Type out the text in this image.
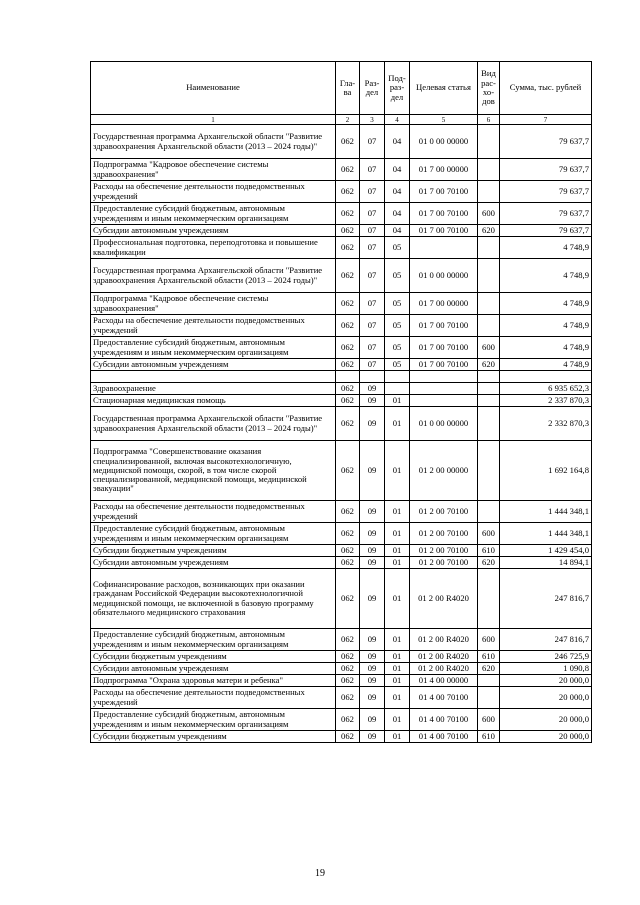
Наименование	Гла-ва	Раз-дел	Под-раз-дел	Целевая статья	Вид рас-хо-дов	Сумма, тыс. рублей
1	2	3	4	5	6	7
Государственная программа Архангельской области "Развитие здравоохранения Архангельской области (2013 – 2024 годы)"	062	07	04	01 0 00 00000		79 637,7
Подпрограмма "Кадровое обеспечение системы здравоохранения"	062	07	04	01 7 00 00000		79 637,7
Расходы на обеспечение деятельности подведомственных учреждений	062	07	04	01 7 00 70100		79 637,7
Предоставление субсидий бюджетным, автономным учреждениям и иным некоммерческим организациям	062	07	04	01 7 00 70100	600	79 637,7
Субсидии автономным учреждениям	062	07	04	01 7 00 70100	620	79 637,7
Профессиональная подготовка, переподготовка и повышение квалификации	062	07	05			4 748,9
Государственная программа Архангельской области "Развитие здравоохранения Архангельской области (2013 – 2024 годы)"	062	07	05	01 0 00 00000		4 748,9
Подпрограмма "Кадровое обеспечение системы здравоохранения"	062	07	05	01 7 00 00000		4 748,9
Расходы на обеспечение деятельности подведомственных учреждений	062	07	05	01 7 00 70100		4 748,9
Предоставление субсидий бюджетным, автономным учреждениям и иным некоммерческим организациям	062	07	05	01 7 00 70100	600	4 748,9
Субсидии автономным учреждениям	062	07	05	01 7 00 70100	620	4 748,9

Здравоохранение	062	09				6 935 652,3
Стационарная медицинская помощь	062	09	01			2 337 870,3
Государственная программа Архангельской области "Развитие здравоохранения Архангельской области (2013 – 2024 годы)"	062	09	01	01 0 00 00000		2 332 870,3
Подпрограмма "Совершенствование оказания специализированной, включая высокотехнологичную, медицинской помощи, скорой, в том числе скорой специализированной, медицинской помощи, медицинской эвакуации"	062	09	01	01 2 00 00000		1 692 164,8
Расходы на обеспечение деятельности подведомственных учреждений	062	09	01	01 2 00 70100		1 444 348,1
Предоставление субсидий бюджетным, автономным учреждениям и иным некоммерческим организациям	062	09	01	01 2 00 70100	600	1 444 348,1
Субсидии бюджетным учреждениям	062	09	01	01 2 00 70100	610	1 429 454,0
Субсидии автономным учреждениям	062	09	01	01 2 00 70100	620	14 894,1
Софинансирование расходов, возникающих при оказании гражданам Российской Федерации высокотехнологичной медицинской помощи, не включенной в базовую программу обязательного медицинского страхования	062	09	01	01 2 00 R4020		247 816,7
Предоставление субсидий бюджетным, автономным учреждениям и иным некоммерческим организациям	062	09	01	01 2 00 R4020	600	247 816,7
Субсидии бюджетным учреждениям	062	09	01	01 2 00 R4020	610	246 725,9
Субсидии автономным учреждениям	062	09	01	01 2 00 R4020	620	1 090,8
Подпрограмма "Охрана здоровья матери и ребенка"	062	09	01	01 4 00 00000		20 000,0
Расходы на обеспечение деятельности подведомственных учреждений	062	09	01	01 4 00 70100		20 000,0
Предоставление субсидий бюджетным, автономным учреждениям и иным некоммерческим организациям	062	09	01	01 4 00 70100	600	20 000,0
Субсидии бюджетным учреждениям	062	09	01	01 4 00 70100	610	20 000,0
19
